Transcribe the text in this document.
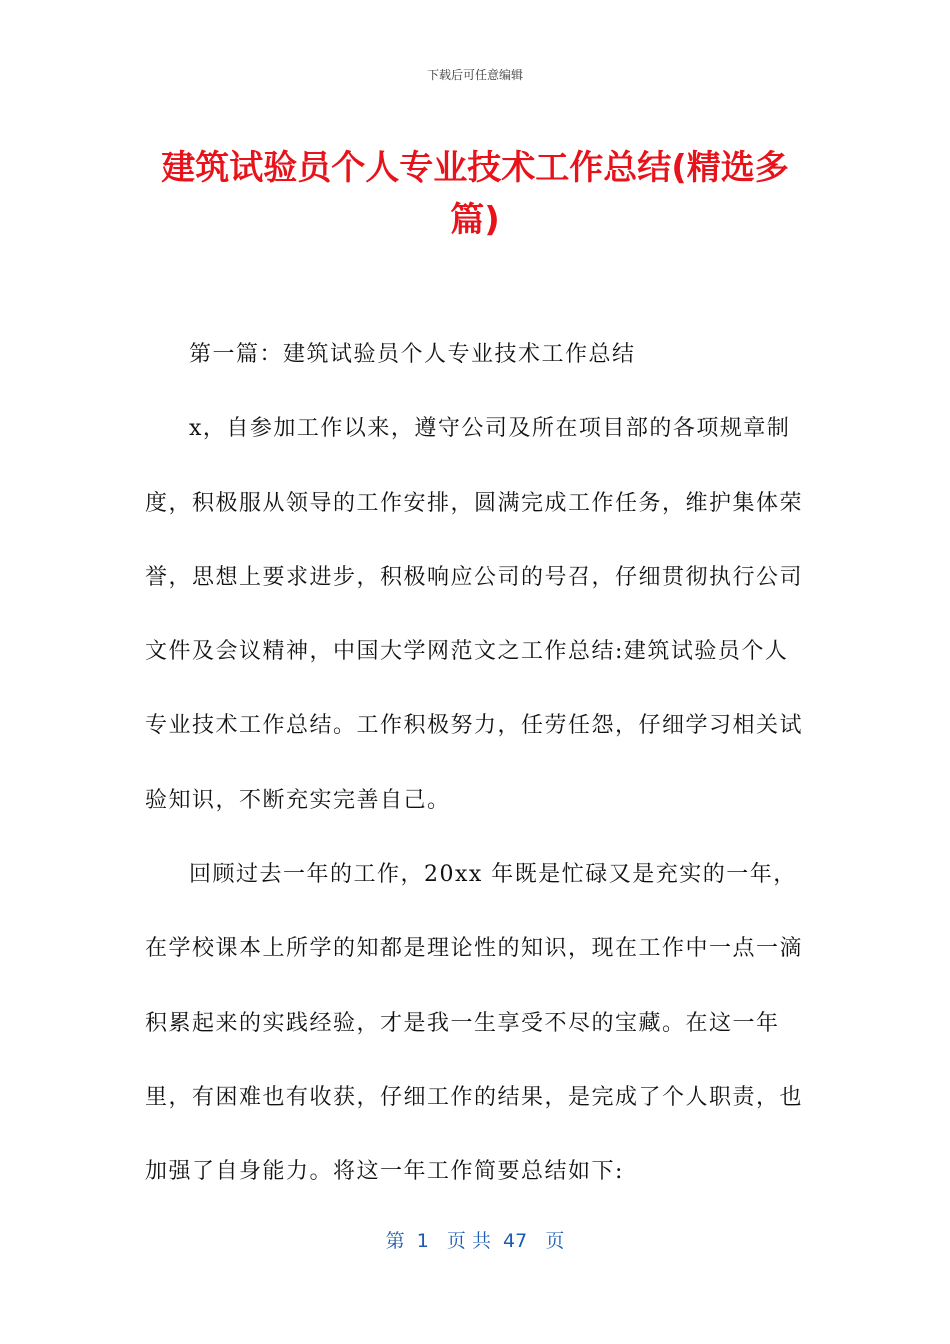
下载后可任意编辑
建筑试验员个人专业技术工作总结(精选多篇)

第一篇：建筑试验员个人专业技术工作总结

x，自参加工作以来，遵守公司及所在项目部的各项规章制度，积极服从领导的工作安排，圆满完成工作任务，维护集体荣誉，思想上要求进步，积极响应公司的号召，仔细贯彻执行公司文件及会议精神，中国大学网范文之工作总结:建筑试验员个人专业技术工作总结。工作积极努力，任劳任怨，仔细学习相关试验知识，不断充实完善自己。

回顾过去一年的工作，20xx 年既是忙碌又是充实的一年，在学校课本上所学的知都是理论性的知识，现在工作中一点一滴积累起来的实践经验，才是我一生享受不尽的宝藏。在这一年里，有困难也有收获，仔细工作的结果，是完成了个人职责，也加强了自身能力。将这一年工作简要总结如下:

第  1   页 共  47   页
